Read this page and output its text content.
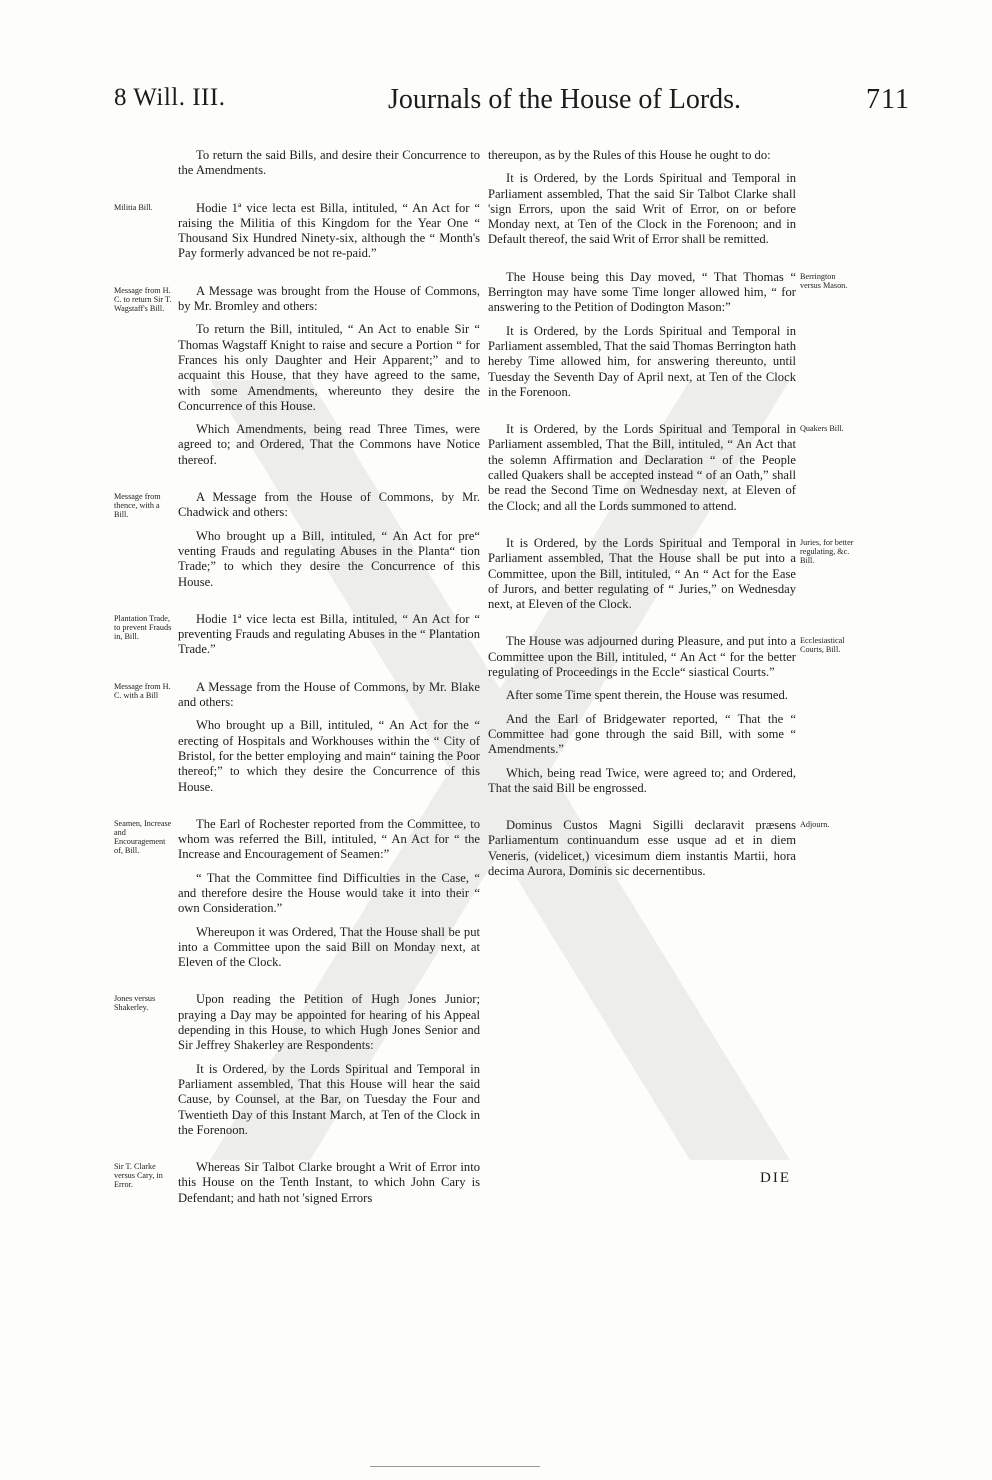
8 Will. III.	Journals of the House of Lords.	711

To return the said Bills, and desire their Concurrence to the Amendments.

Militia Bill.	Hodie 1ª vice lecta est Billa, intituled, “ An Act for “ raising the Militia of this Kingdom for the Year One “ Thousand Six Hundred Ninety-six, although the “ Month's Pay formerly advanced be not re-paid.”

Message from H. C. to return Sir T. Wagstaff's Bill.

A Message was brought from the House of Commons, by Mr. Bromley and others:

To return the Bill, intituled, “ An Act to enable Sir “ Thomas Wagstaff Knight to raise and secure a Portion “ for Frances his only Daughter and Heir Apparent;” and to acquaint this House, that they have agreed to the same, with some Amendments, whereunto they desire the Concurrence of this House.

Which Amendments, being read Three Times, were agreed to; and Ordered, That the Commons have Notice thereof.

Message from thence, with a Bill.

A Message from the House of Commons, by Mr. Chadwick and others:

Who brought up a Bill, intituled, “ An Act for pre“ venting Frauds and regulating Abuses in the Planta“ tion Trade;” to which they desire the Concurrence of this House.

Plantation Trade, to prevent Frauds in, Bill.

Hodie 1ª vice lecta est Billa, intituled, “ An Act for “ preventing Frauds and regulating Abuses in the “ Plantation Trade.”

Message from H. C. with a Bill

A Message from the House of Commons, by Mr. Blake and others:

Who brought up a Bill, intituled, “ An Act for the “ erecting of Hospitals and Workhouses within the “ City of Bristol, for the better employing and main“ taining the Poor thereof;” to which they desire the Concurrence of this House.

Seamen, Increase and Encouragement of, Bill.

The Earl of Rochester reported from the Committee, to whom was referred the Bill, intituled, “ An Act for “ the Increase and Encouragement of Seamen:”

“ That the Committee find Difficulties in the Case, “ and therefore desire the House would take it into their “ own Consideration.”

Whereupon it was Ordered, That the House shall be put into a Committee upon the said Bill on Monday next, at Eleven of the Clock.

Jones versus Shakerley.

Upon reading the Petition of Hugh Jones Junior; praying a Day may be appointed for hearing of his Appeal depending in this House, to which Hugh Jones Senior and Sir Jeffrey Shakerley are Respondents:

It is Ordered, by the Lords Spiritual and Temporal in Parliament assembled, That this House will hear the said Cause, by Counsel, at the Bar, on Tuesday the Four and Twentieth Day of this Instant March, at Ten of the Clock in the Forenoon.

Sir T. Clarke versus Cary, in Error.

Whereas Sir Talbot Clarke brought a Writ of Error into this House on the Tenth Instant, to which John Cary is Defendant; and hath not 'signed Errors

thereupon, as by the Rules of this House he ought to do:

It is Ordered, by the Lords Spiritual and Temporal in Parliament assembled, That the said Sir Talbot Clarke shall 'sign Errors, upon the said Writ of Error, on or before Monday next, at Ten of the Clock in the Forenoon; and in Default thereof, the said Writ of Error shall be remitted.

Berrington versus Mason.

The House being this Day moved, “ That Thomas “ Berrington may have some Time longer allowed him, “ for answering to the Petition of Dodington Mason:”

It is Ordered, by the Lords Spiritual and Temporal in Parliament assembled, That the said Thomas Berrington hath hereby Time allowed him, for answering thereunto, until Tuesday the Seventh Day of April next, at Ten of the Clock in the Forenoon.

Quakers Bill.

It is Ordered, by the Lords Spiritual and Temporal in Parliament assembled, That the Bill, intituled, “ An Act that the solemn Affirmation and Declaration “ of the People called Quakers shall be accepted instead “ of an Oath,” shall be read the Second Time on Wednesday next, at Eleven of the Clock; and all the Lords summoned to attend.

Juries, for better regulating, &c. Bill.

It is Ordered, by the Lords Spiritual and Temporal in Parliament assembled, That the House shall be put into a Committee, upon the Bill, intituled, “ An “ Act for the Ease of Jurors, and better regulating of “ Juries,” on Wednesday next, at Eleven of the Clock.

Ecclesiastical Courts, Bill.

The House was adjourned during Pleasure, and put into a Committee upon the Bill, intituled, “ An Act “ for the better regulating of Proceedings in the Eccle“ siastical Courts.”

After some Time spent therein, the House was resumed.

And the Earl of Bridgewater reported, “ That the “ Committee had gone through the said Bill, with some “ Amendments.”

Which, being read Twice, were agreed to; and Ordered, That the said Bill be engrossed.

Adjourn.

Dominus Custos Magni Sigilli declaravit præsens Parliamentum continuandum esse usque ad et in diem Veneris, (videlicet,) vicesimum diem instantis Martii, hora decima Aurora, Dominis sic decernentibus.

DIE
